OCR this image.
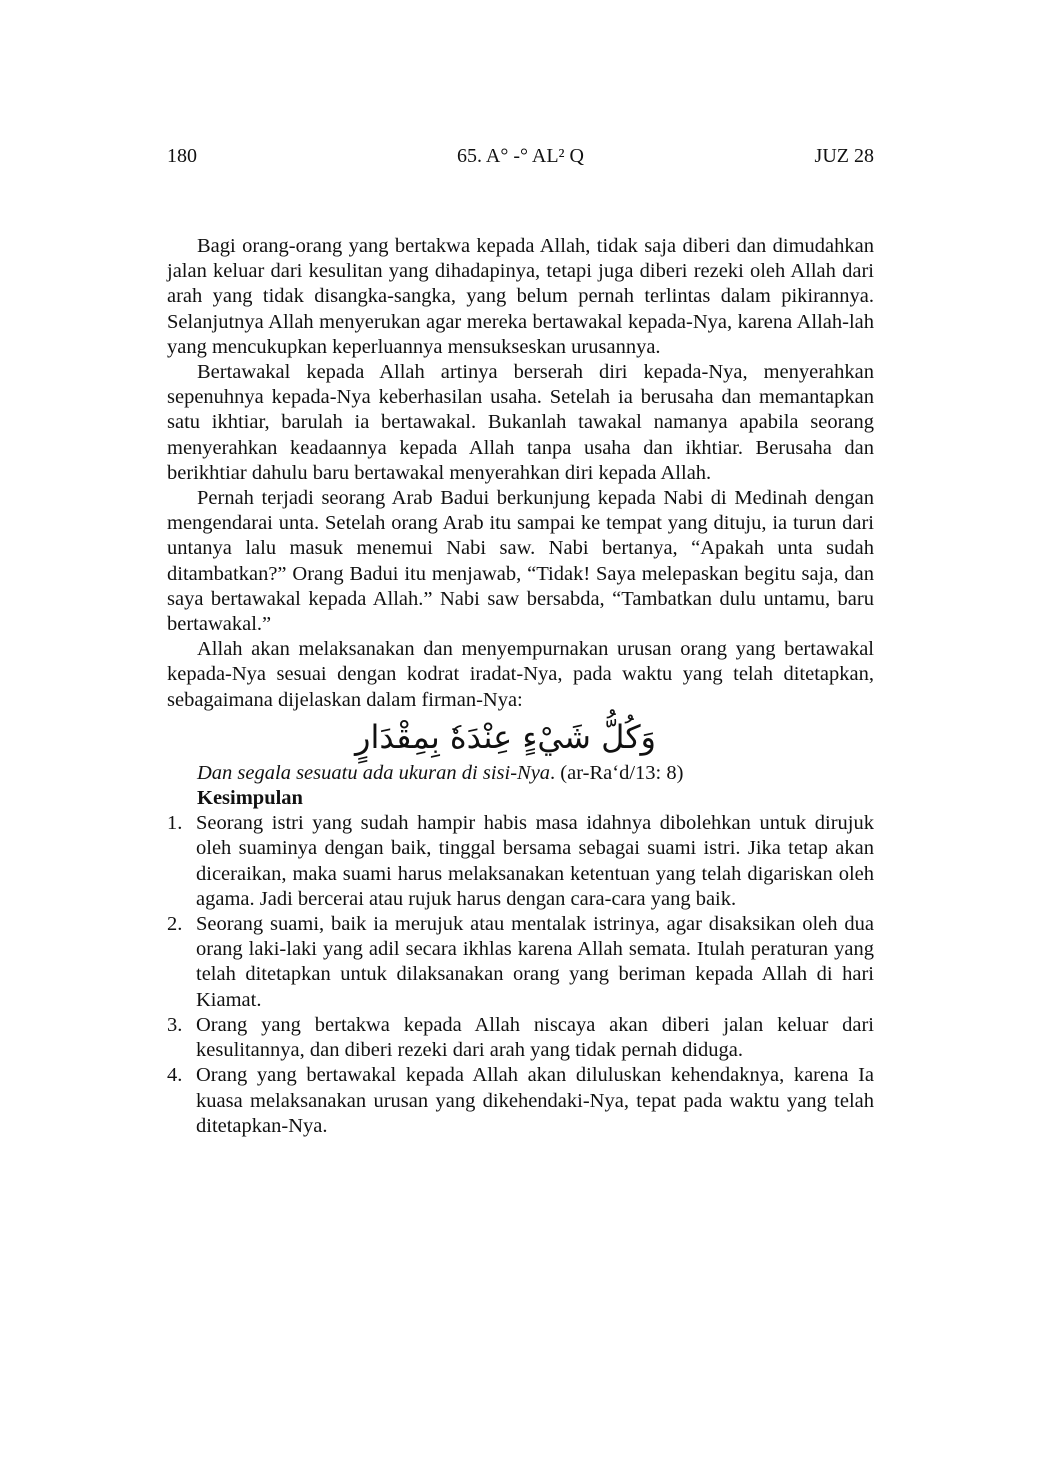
180	65. A° -° AL² Q	JUZ 28

Bagi orang-orang yang bertakwa kepada Allah, tidak saja diberi dan dimudahkan jalan keluar dari kesulitan yang dihadapinya, tetapi juga diberi rezeki oleh Allah dari arah yang tidak disangka-sangka, yang belum pernah terlintas dalam pikirannya. Selanjutnya Allah menyerukan agar mereka bertawakal kepada-Nya, karena Allah-lah yang mencukupkan keperluannya mensukseskan urusannya.

Bertawakal kepada Allah artinya berserah diri kepada-Nya, menyerahkan sepenuhnya kepada-Nya keberhasilan usaha. Setelah ia berusaha dan memantapkan satu ikhtiar, barulah ia bertawakal. Bukanlah tawakal namanya apabila seorang menyerahkan keadaannya kepada Allah tanpa usaha dan ikhtiar. Berusaha dan berikhtiar dahulu baru bertawakal menyerahkan diri kepada Allah.

Pernah terjadi seorang Arab Badui berkunjung kepada Nabi di Medinah dengan mengendarai unta. Setelah orang Arab itu sampai ke tempat yang dituju, ia turun dari untanya lalu masuk menemui Nabi saw. Nabi bertanya, “Apakah unta sudah ditambatkan?” Orang Badui itu menjawab, “Tidak! Saya melepaskan begitu saja, dan saya bertawakal kepada Allah.” Nabi saw bersabda, “Tambatkan dulu untamu, baru bertawakal.”

Allah akan melaksanakan dan menyempurnakan urusan orang yang bertawakal kepada-Nya sesuai dengan kodrat iradat-Nya, pada waktu yang telah ditetapkan, sebagaimana dijelaskan dalam firman-Nya:

وَكُلُّ شَيْءٍ عِنْدَهٗ بِمِقْدَارٍ

Dan segala sesuatu ada ukuran di sisi-Nya. (ar-Ra‘d/13: 8)

Kesimpulan

1. Seorang istri yang sudah hampir habis masa idahnya dibolehkan untuk dirujuk oleh suaminya dengan baik, tinggal bersama sebagai suami istri. Jika tetap akan diceraikan, maka suami harus melaksanakan ketentuan yang telah digariskan oleh agama. Jadi bercerai atau rujuk harus dengan cara-cara yang baik.
2. Seorang suami, baik ia merujuk atau mentalak istrinya, agar disaksikan oleh dua orang laki-laki yang adil secara ikhlas karena Allah semata. Itulah peraturan yang telah ditetapkan untuk dilaksanakan orang yang beriman kepada Allah di hari Kiamat.
3. Orang yang bertakwa kepada Allah niscaya akan diberi jalan keluar dari kesulitannya, dan diberi rezeki dari arah yang tidak pernah diduga.
4. Orang yang bertawakal kepada Allah akan diluluskan kehendaknya, karena Ia kuasa melaksanakan urusan yang dikehendaki-Nya, tepat pada waktu yang telah ditetapkan-Nya.
